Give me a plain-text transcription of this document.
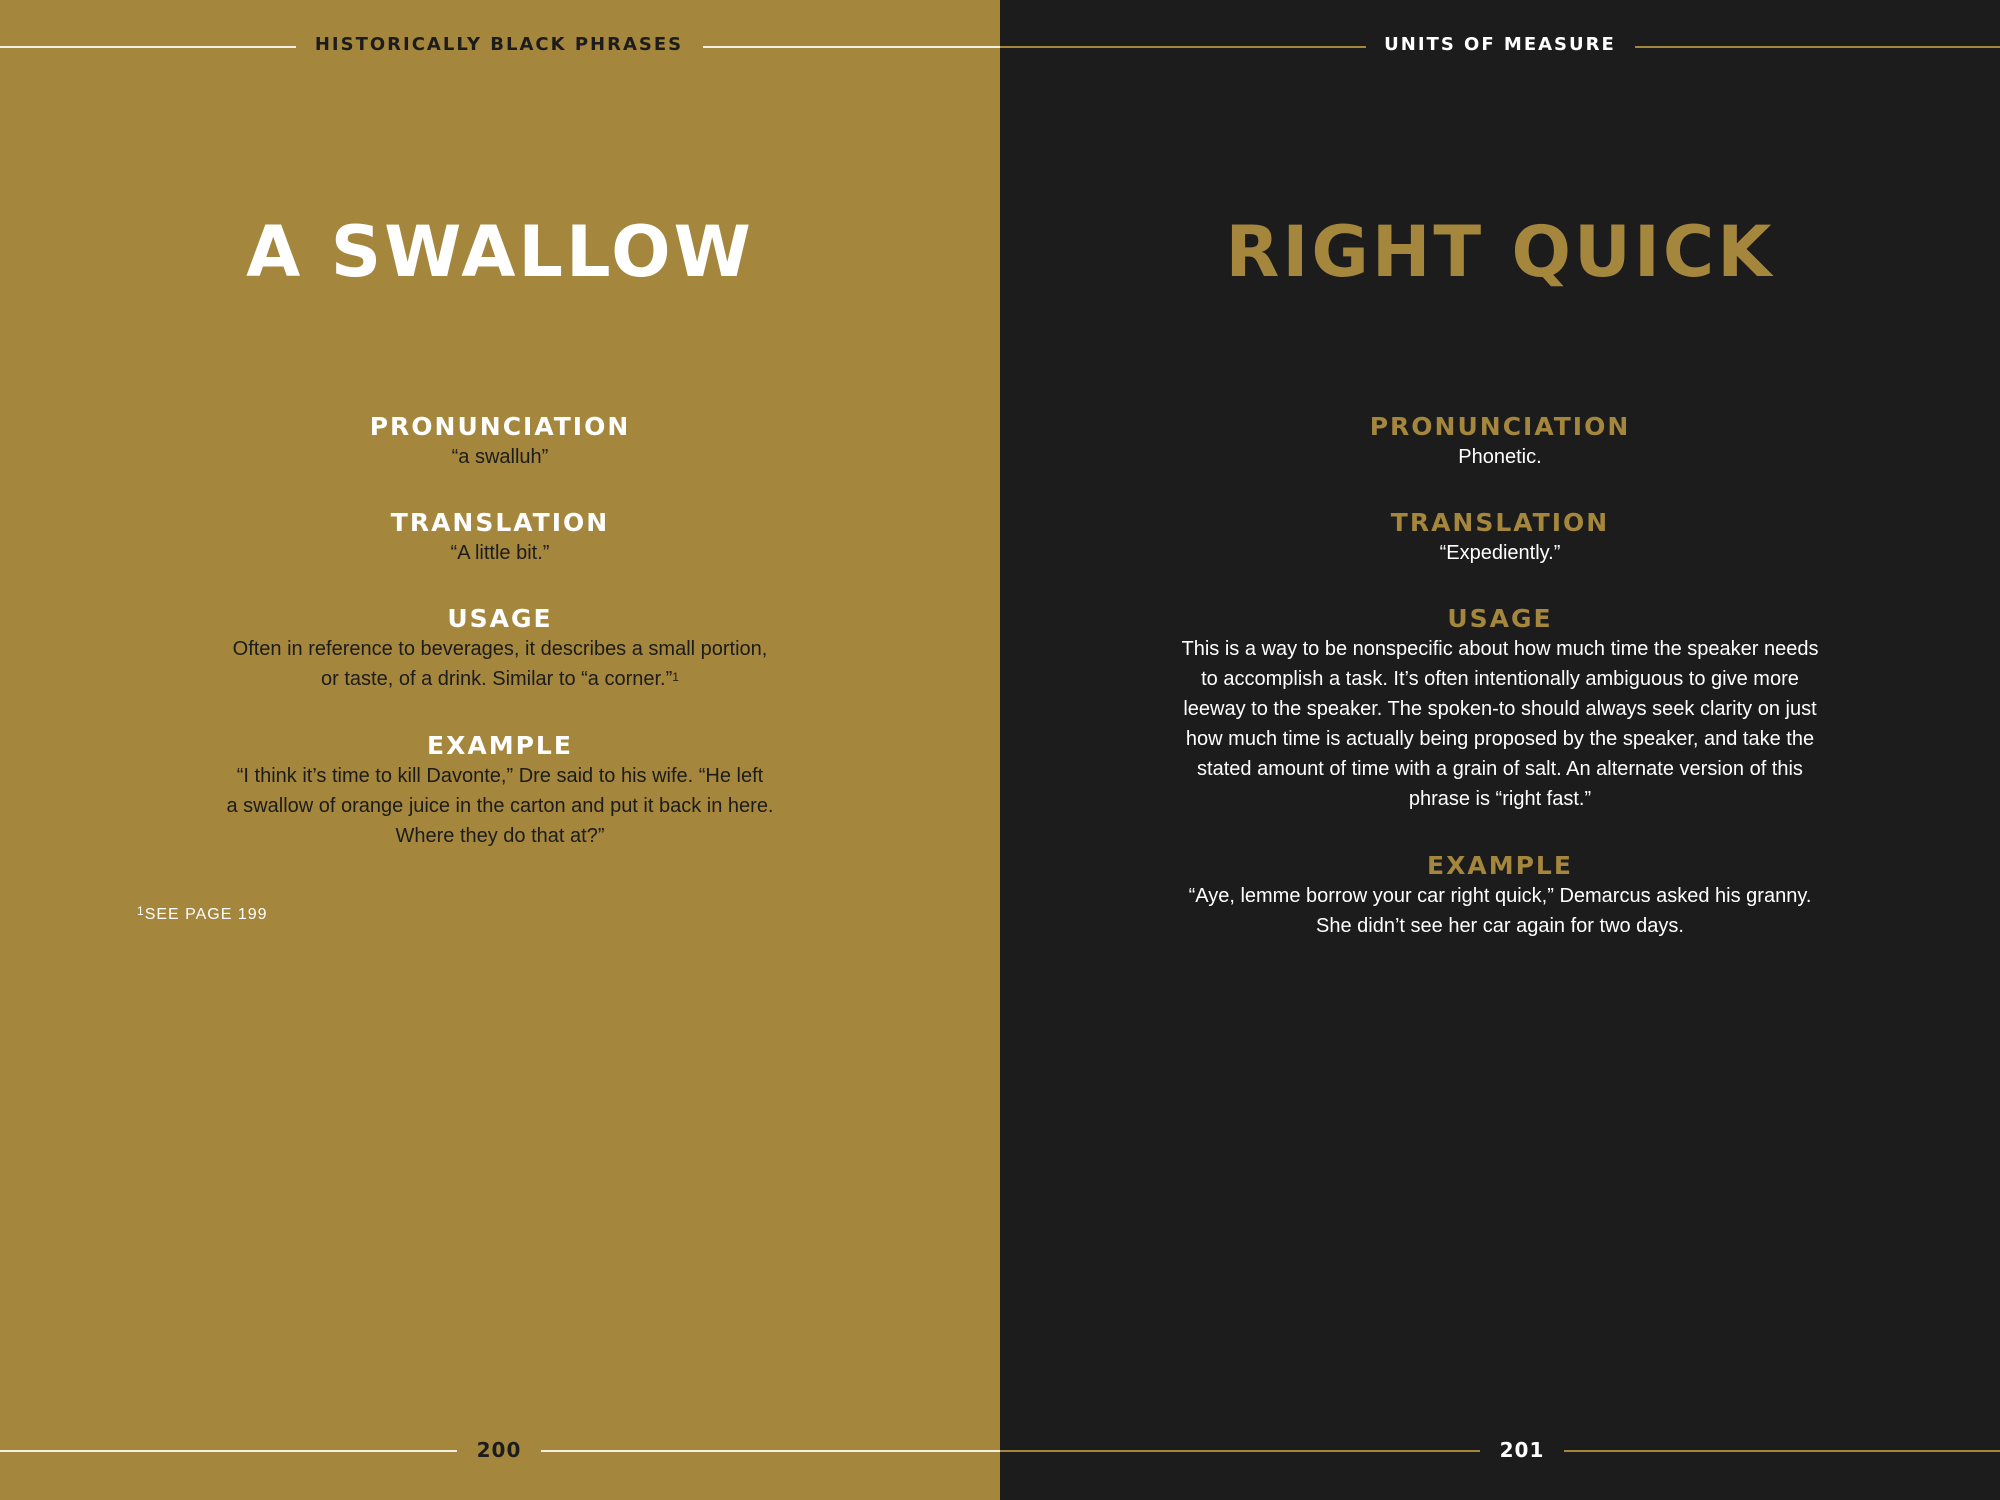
HISTORICALLY BLACK PHRASES
A SWALLOW
PRONUNCIATION

“a swalluh”

TRANSLATION

“A little bit.”

USAGE

Often in reference to beverages, it describes a small portion,

or taste, of a drink. Similar to “a corner.”$^1$

EXAMPLE

“I think it’s time to kill Davonte,” Dre said to his wife. “He left

a swallow of orange juice in the carton and put it back in here.

Where they do that at?”

$^1$SEE PAGE 199
200
UNITS OF MEASURE
RIGHT QUICK
PRONUNCIATION

Phonetic.

TRANSLATION

“Expediently.”

USAGE

This is a way to be nonspecific about how much time the speaker needs

to accomplish a task. It’s often intentionally ambiguous to give more

leeway to the speaker. The spoken-to should always seek clarity on just

how much time is actually being proposed by the speaker, and take the

stated amount of time with a grain of salt. An alternate version of this

phrase is “right fast.”

EXAMPLE

“Aye, lemme borrow your car right quick,” Demarcus asked his granny.

She didn’t see her car again for two days.

201
